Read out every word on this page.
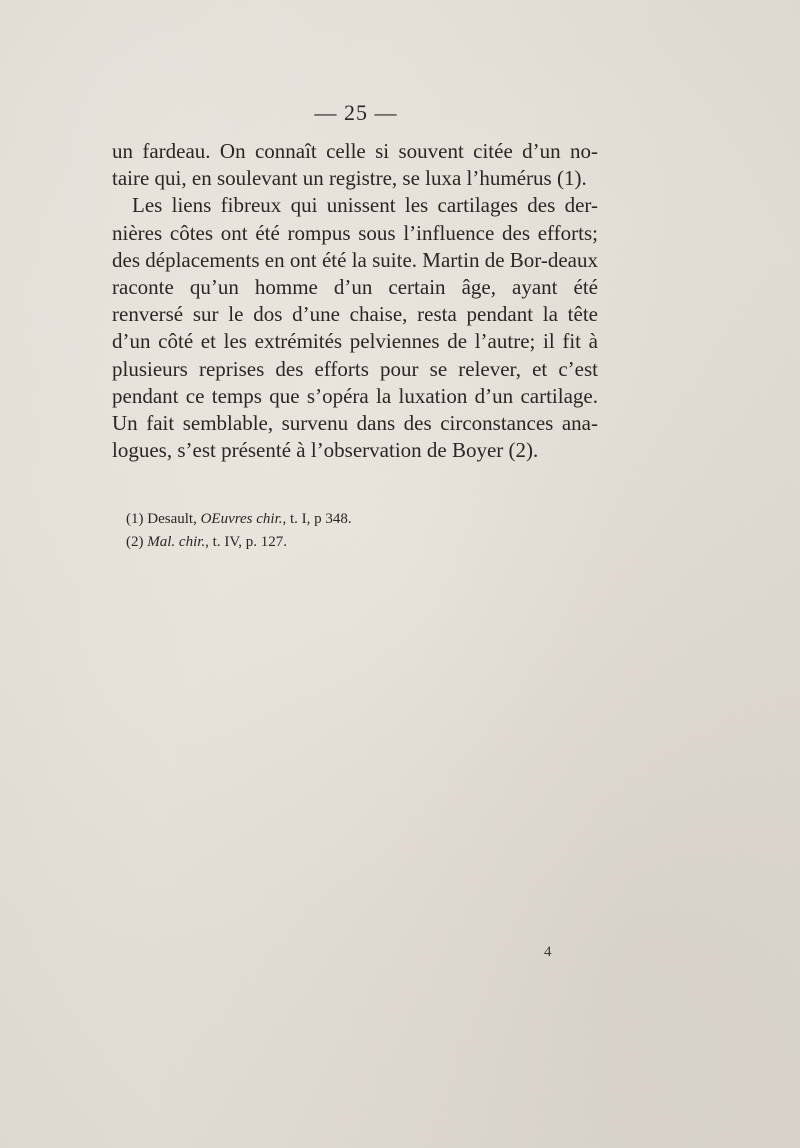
— 25 —

un fardeau. On connaît celle si souvent citée d’un no-taire qui, en soulevant un registre, se luxa l’humérus (1).

Les liens fibreux qui unissent les cartilages des der-nières côtes ont été rompus sous l’influence des efforts; des déplacements en ont été la suite. Martin de Bor-deaux raconte qu’un homme d’un certain âge, ayant été renversé sur le dos d’une chaise, resta pendant la tête d’un côté et les extrémités pelviennes de l’autre; il fit à plusieurs reprises des efforts pour se relever, et c’est pendant ce temps que s’opéra la luxation d’un cartilage. Un fait semblable, survenu dans des circonstances ana-logues, s’est présenté à l’observation de Boyer (2).

(1) Desault, OEuvres chir., t. I, p 348.
(2) Mal. chir., t. IV, p. 127.
4
